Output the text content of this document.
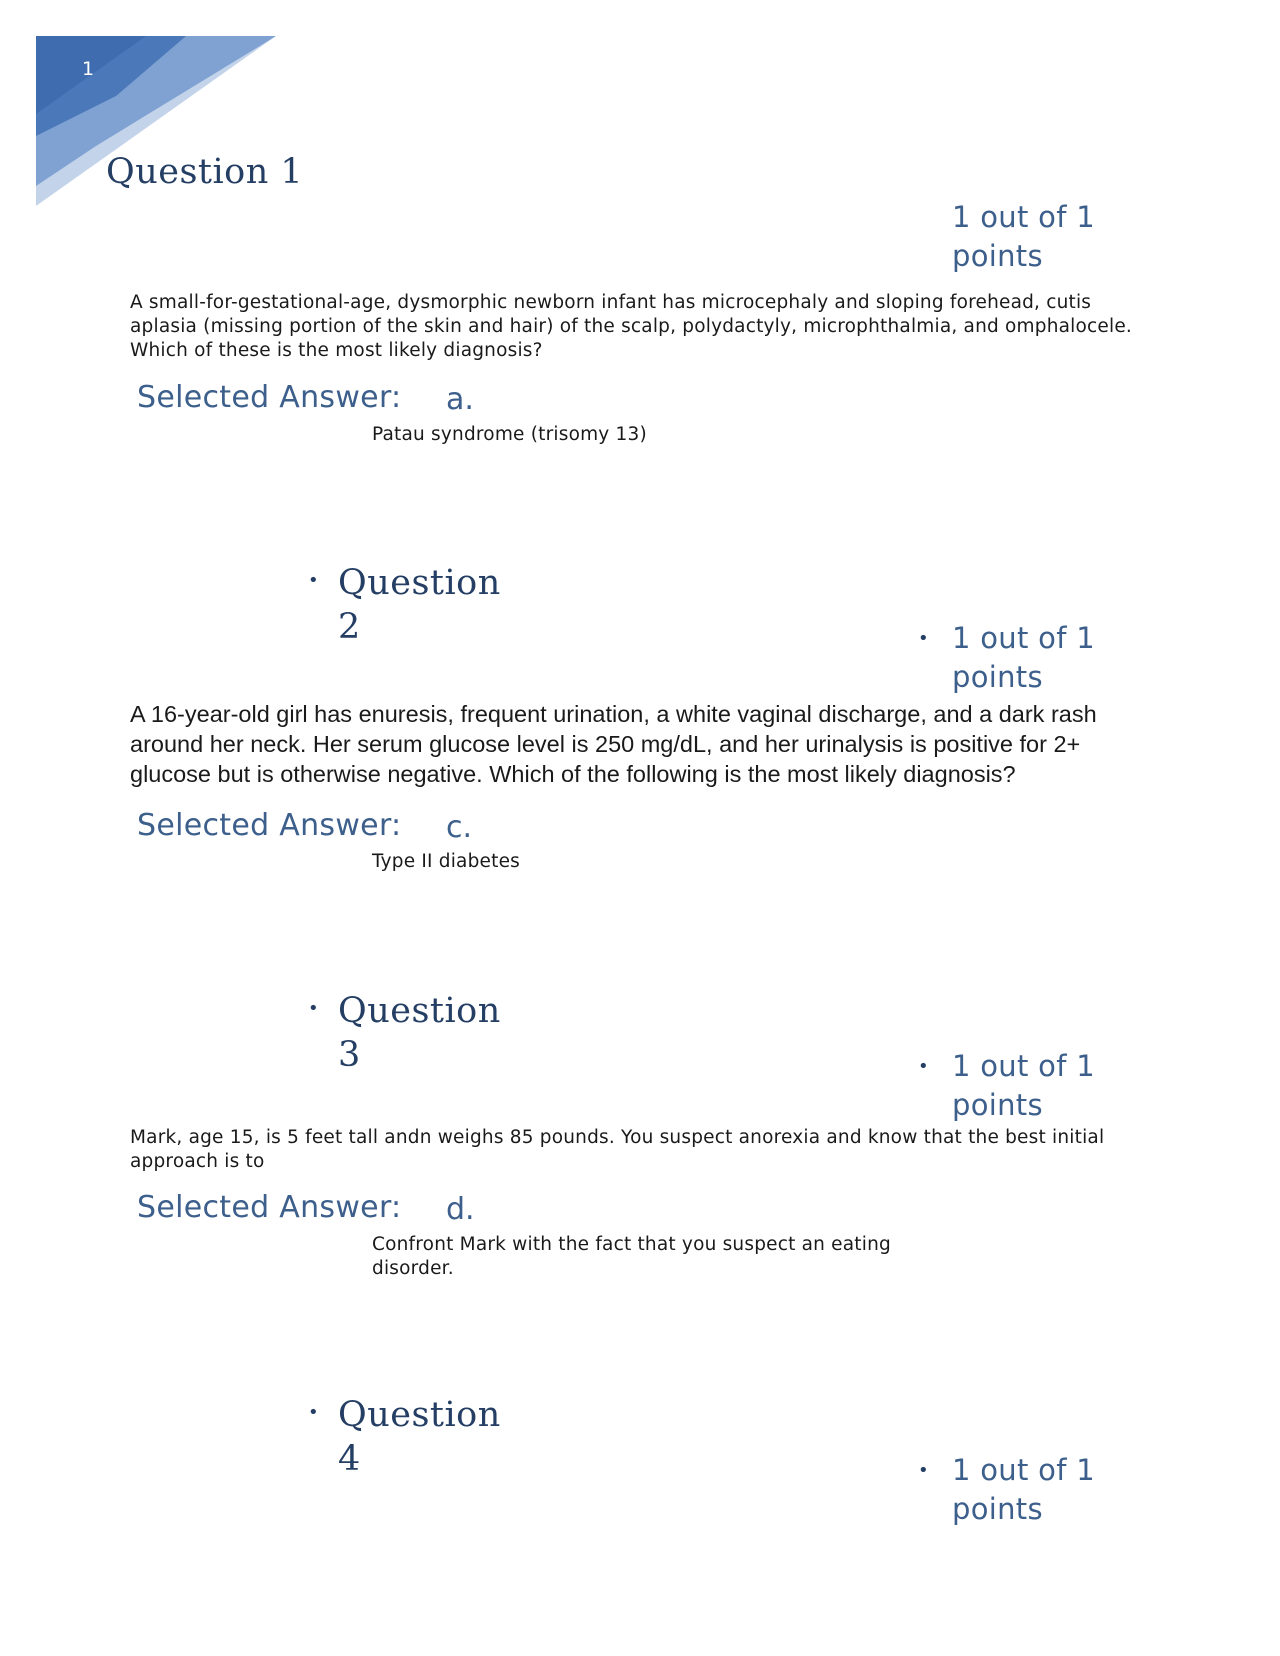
1
Question 1
1 out of 1 points
A small-for-gestational-age, dysmorphic newborn infant has microcephaly and sloping forehead, cutis aplasia (missing portion of the skin and hair) of the scalp, polydactyly, microphthalmia, and omphalocele. Which of these is the most likely diagnosis?
Selected Answer: a.
Patau syndrome (trisomy 13)
• Question
2	• 1 out of 1 points
A 16-year-old girl has enuresis, frequent urination, a white vaginal discharge, and a dark rash around her neck. Her serum glucose level is 250 mg/dL, and her urinalysis is positive for 2+ glucose but is otherwise negative. Which of the following is the most likely diagnosis?
Selected Answer: c.
Type II diabetes
• Question
3	• 1 out of 1 points
Mark, age 15, is 5 feet tall andn weighs 85 pounds. You suspect anorexia and know that the best initial approach is to
Selected Answer: d.
Confront Mark with the fact that you suspect an eating disorder.
• Question
4	• 1 out of 1 points
